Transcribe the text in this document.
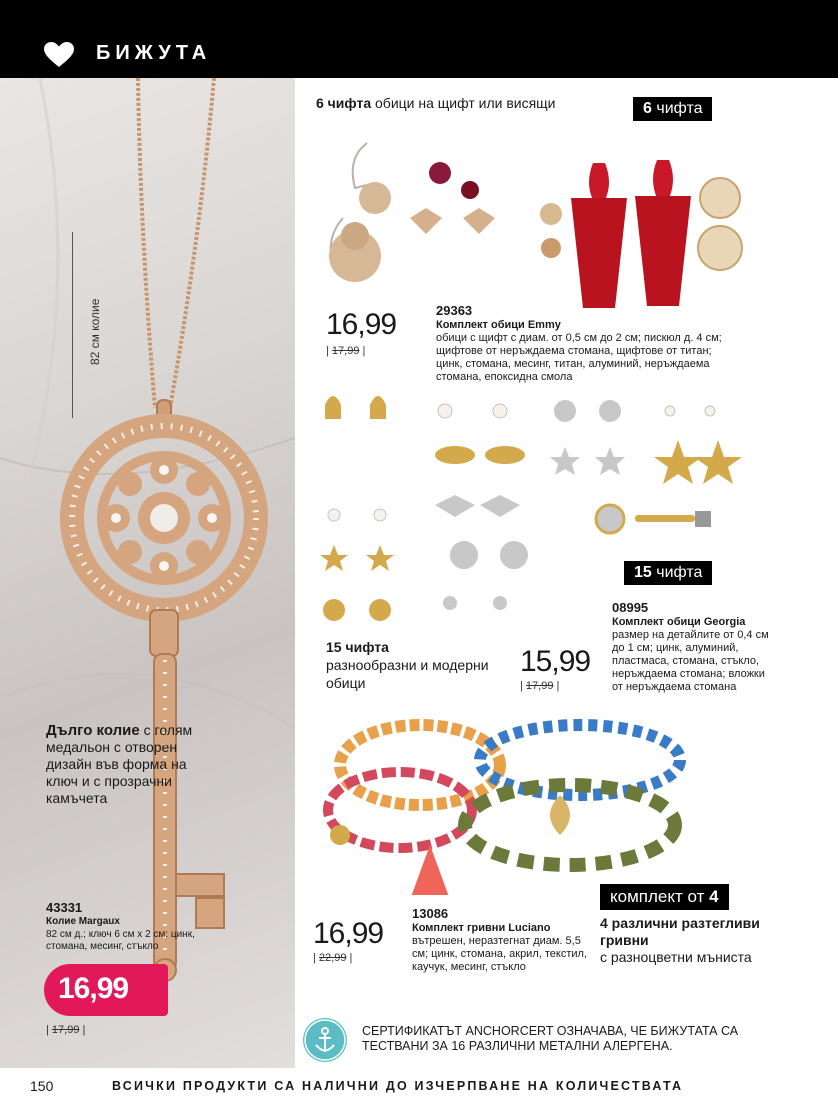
БИЖУТА
82 см колие
Дълго колие с голям медальон с отворен дизайн във форма на ключ и с прозрачни камъчета
43331
Колие Margaux
82 см д.; ключ 6 см х 2 см; цинк, стомана, месинг, стъкло
16,99
| 17,99 |
6 чифта обици на щифт или висящи	6 чифта
16,99
| 17,99 |
29363
Комплект обици Emmy
обици с щифт с диам. от 0,5 см до 2 см; пискюл д. 4 см; щифтове от неръждаема стомана, щифтове от титан; цинк, стомана, месинг, титан, алуминий, неръждаема стомана, епоксидна смола
15 чифта
15 чифта
разнообразни и модерни обици
15,99
| 17,99 |
08995
Комплект обици Georgia
размер на детайлите от 0,4 см до 1 см; цинк, алуминий, пластмаса, стомана, стъкло, неръждаема стомана; вложки от неръждаема стомана
комплект от 4
4 различни разтегливи гривни
с разноцветни мъниста
16,99
| 22,99 |
13086
Комплект гривни Luciano
вътрешен, неразтегнат диам. 5,5 см; цинк, стомана, акрил, текстил, каучук, месинг, стъкло
СЕРТИФИКАТЪТ ANCHORCERT ОЗНАЧАВА, ЧЕ БИЖУТАТА СА ТЕСТВАНИ ЗА 16 РАЗЛИЧНИ МЕТАЛНИ АЛЕРГЕНА.
150	ВСИЧКИ ПРОДУКТИ СА НАЛИЧНИ ДО ИЗЧЕРПВАНЕ НА КОЛИЧЕСТВАТА
